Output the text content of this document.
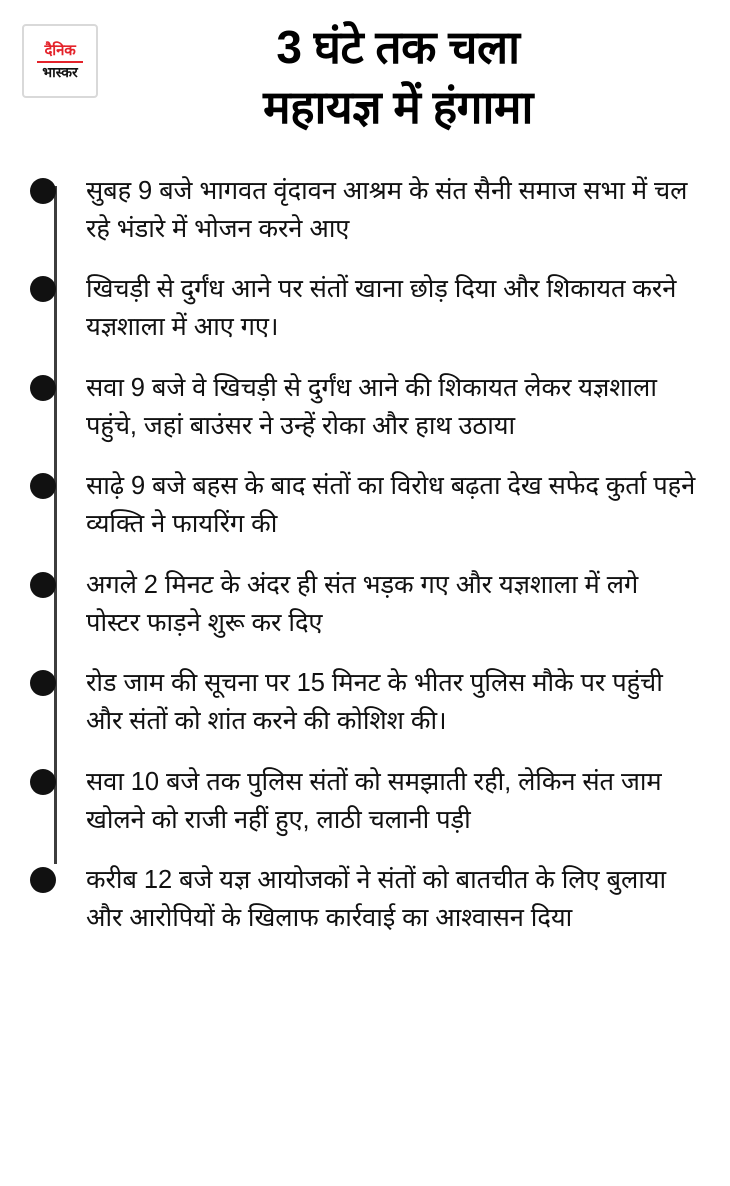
दैनिक
भास्कर	3 घंटे तक चला
महायज्ञ में हंगामा
सुबह 9 बजे भागवत वृंदावन आश्रम के संत सैनी समाज सभा में चल रहे भंडारे में भोजन करने आए
खिचड़ी से दुर्गंध आने पर संतों खाना छोड़ दिया और शिकायत करने यज्ञशाला में आए गए।
सवा 9 बजे वे खिचड़ी से दुर्गंध आने की शिकायत लेकर यज्ञशाला पहुंचे, जहां बाउंसर ने उन्हें रोका और हाथ उठाया
साढ़े 9 बजे बहस के बाद संतों का विरोध बढ़ता देख सफेद कुर्ता पहने व्यक्ति ने फायरिंग की
अगले 2 मिनट के अंदर ही संत भड़क गए और यज्ञशाला में लगे पोस्टर फाड़ने शुरू कर दिए
रोड जाम की सूचना पर 15 मिनट के भीतर पुलिस मौके पर पहुंची और संतों को शांत करने की कोशिश की।
सवा 10 बजे तक पुलिस संतों को समझाती रही, लेकिन संत जाम खोलने को राजी नहीं हुए, लाठी चलानी पड़ी
करीब 12 बजे यज्ञ आयोजकों ने संतों को बातचीत के लिए बुलाया और आरोपियों के खिलाफ कार्रवाई का आश्वासन दिया
